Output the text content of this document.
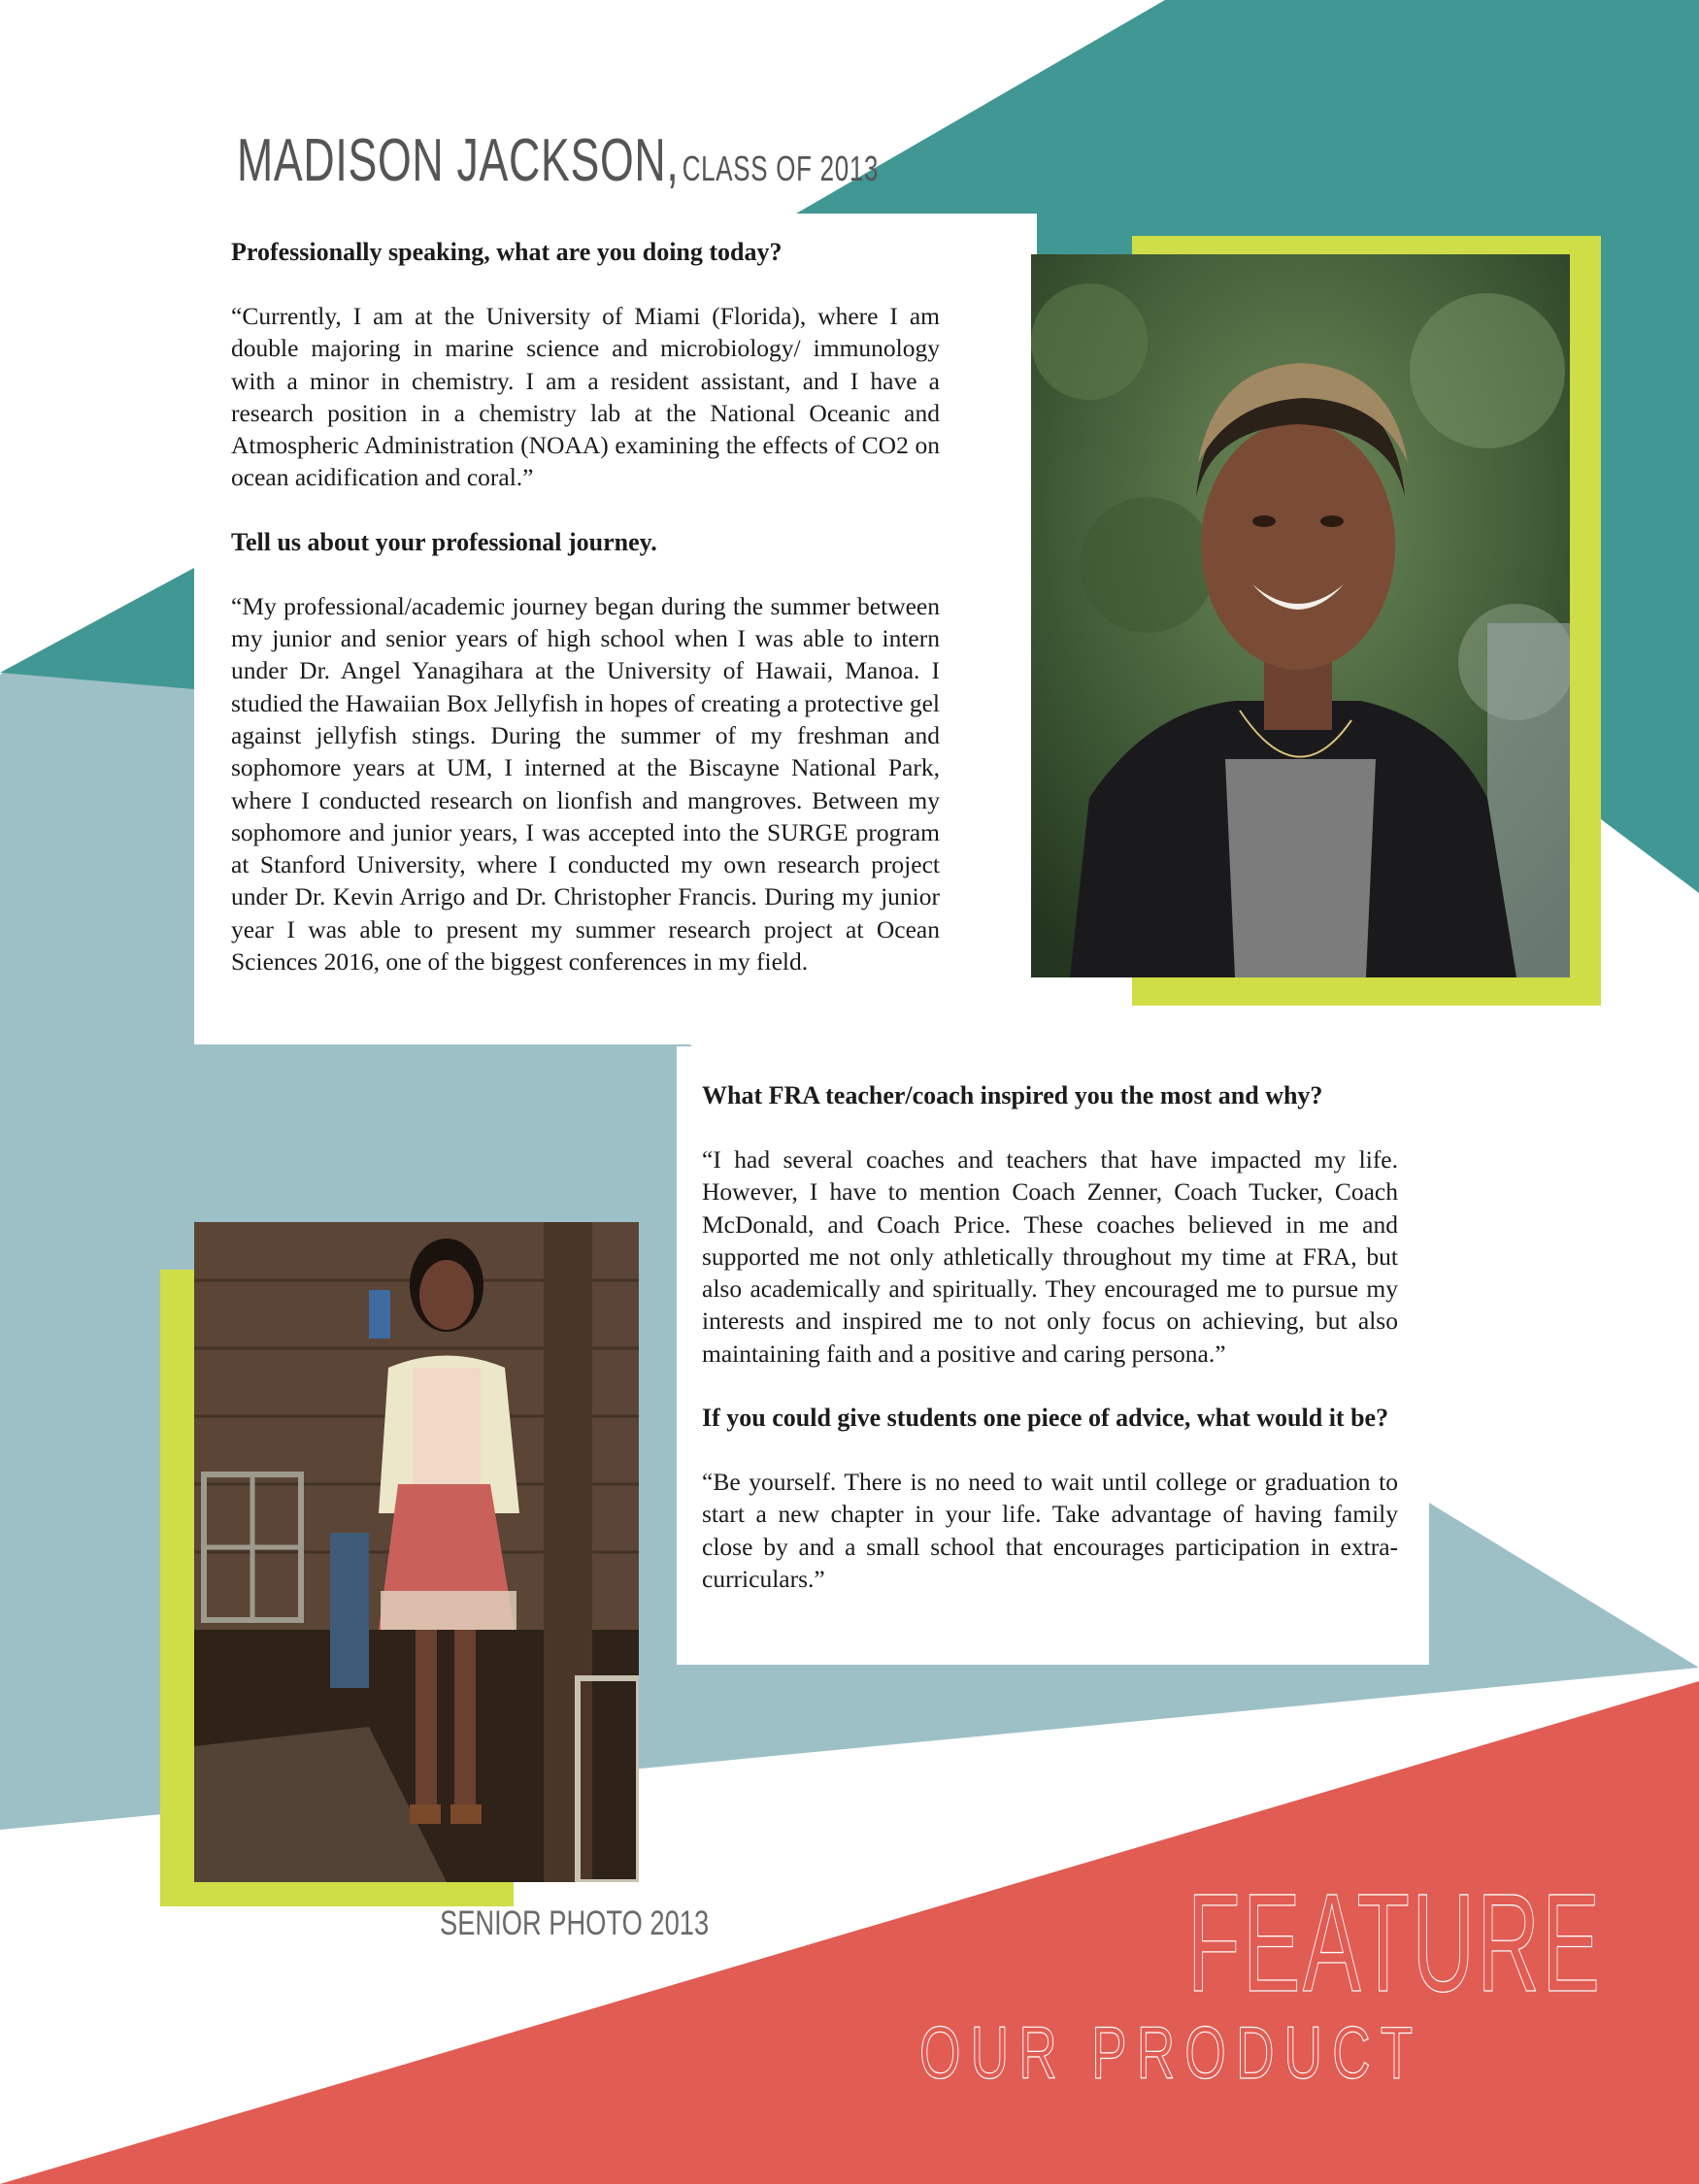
MADISON JACKSON, CLASS OF 2013
Professionally speaking, what are you doing today?

“Currently, I am at the University of Miami (Florida), where I am double majoring in marine science and microbiology/ immunology with a minor in chemistry. I am a resident assistant, and I have a research position in a chemistry lab at the National Oceanic and Atmospheric Administration (NOAA) examining the effects of CO2 on ocean acidification and coral.”

Tell us about your professional journey.

“My professional/academic journey began during the summer between my junior and senior years of high school when I was able to intern under Dr. Angel Yanagihara at the University of Hawaii, Manoa. I studied the Hawaiian Box Jellyfish in hopes of creating a protective gel against jellyfish stings. During the summer of my freshman and sophomore years at UM, I interned at the Biscayne National Park, where I conducted research on lionfish and mangroves. Between my sophomore and junior years, I was accepted into the SURGE program at Stanford University, where I conducted my own research project under Dr. Kevin Arrigo and Dr. Christopher Francis. During my junior year I was able to present my summer research project at Ocean Sciences 2016, one of the biggest conferences in my field.

What FRA teacher/coach inspired you the most and why?

“I had several coaches and teachers that have impacted my life. However, I have to mention Coach Zenner, Coach Tucker, Coach McDonald, and Coach Price. These coaches believed in me and supported me not only athletically throughout my time at FRA, but also academically and spiritually. They encouraged me to pursue my interests and inspired me to not only focus on achieving, but also maintaining faith and a positive and caring persona.”

If you could give students one piece of advice, what would it be?

“Be yourself. There is no need to wait until college or graduation to start a new chapter in your life. Take advantage of having family close by and a small school that encourages participation in extra-curriculars.”

SENIOR PHOTO 2013	FEATURE
OUR PRODUCT
